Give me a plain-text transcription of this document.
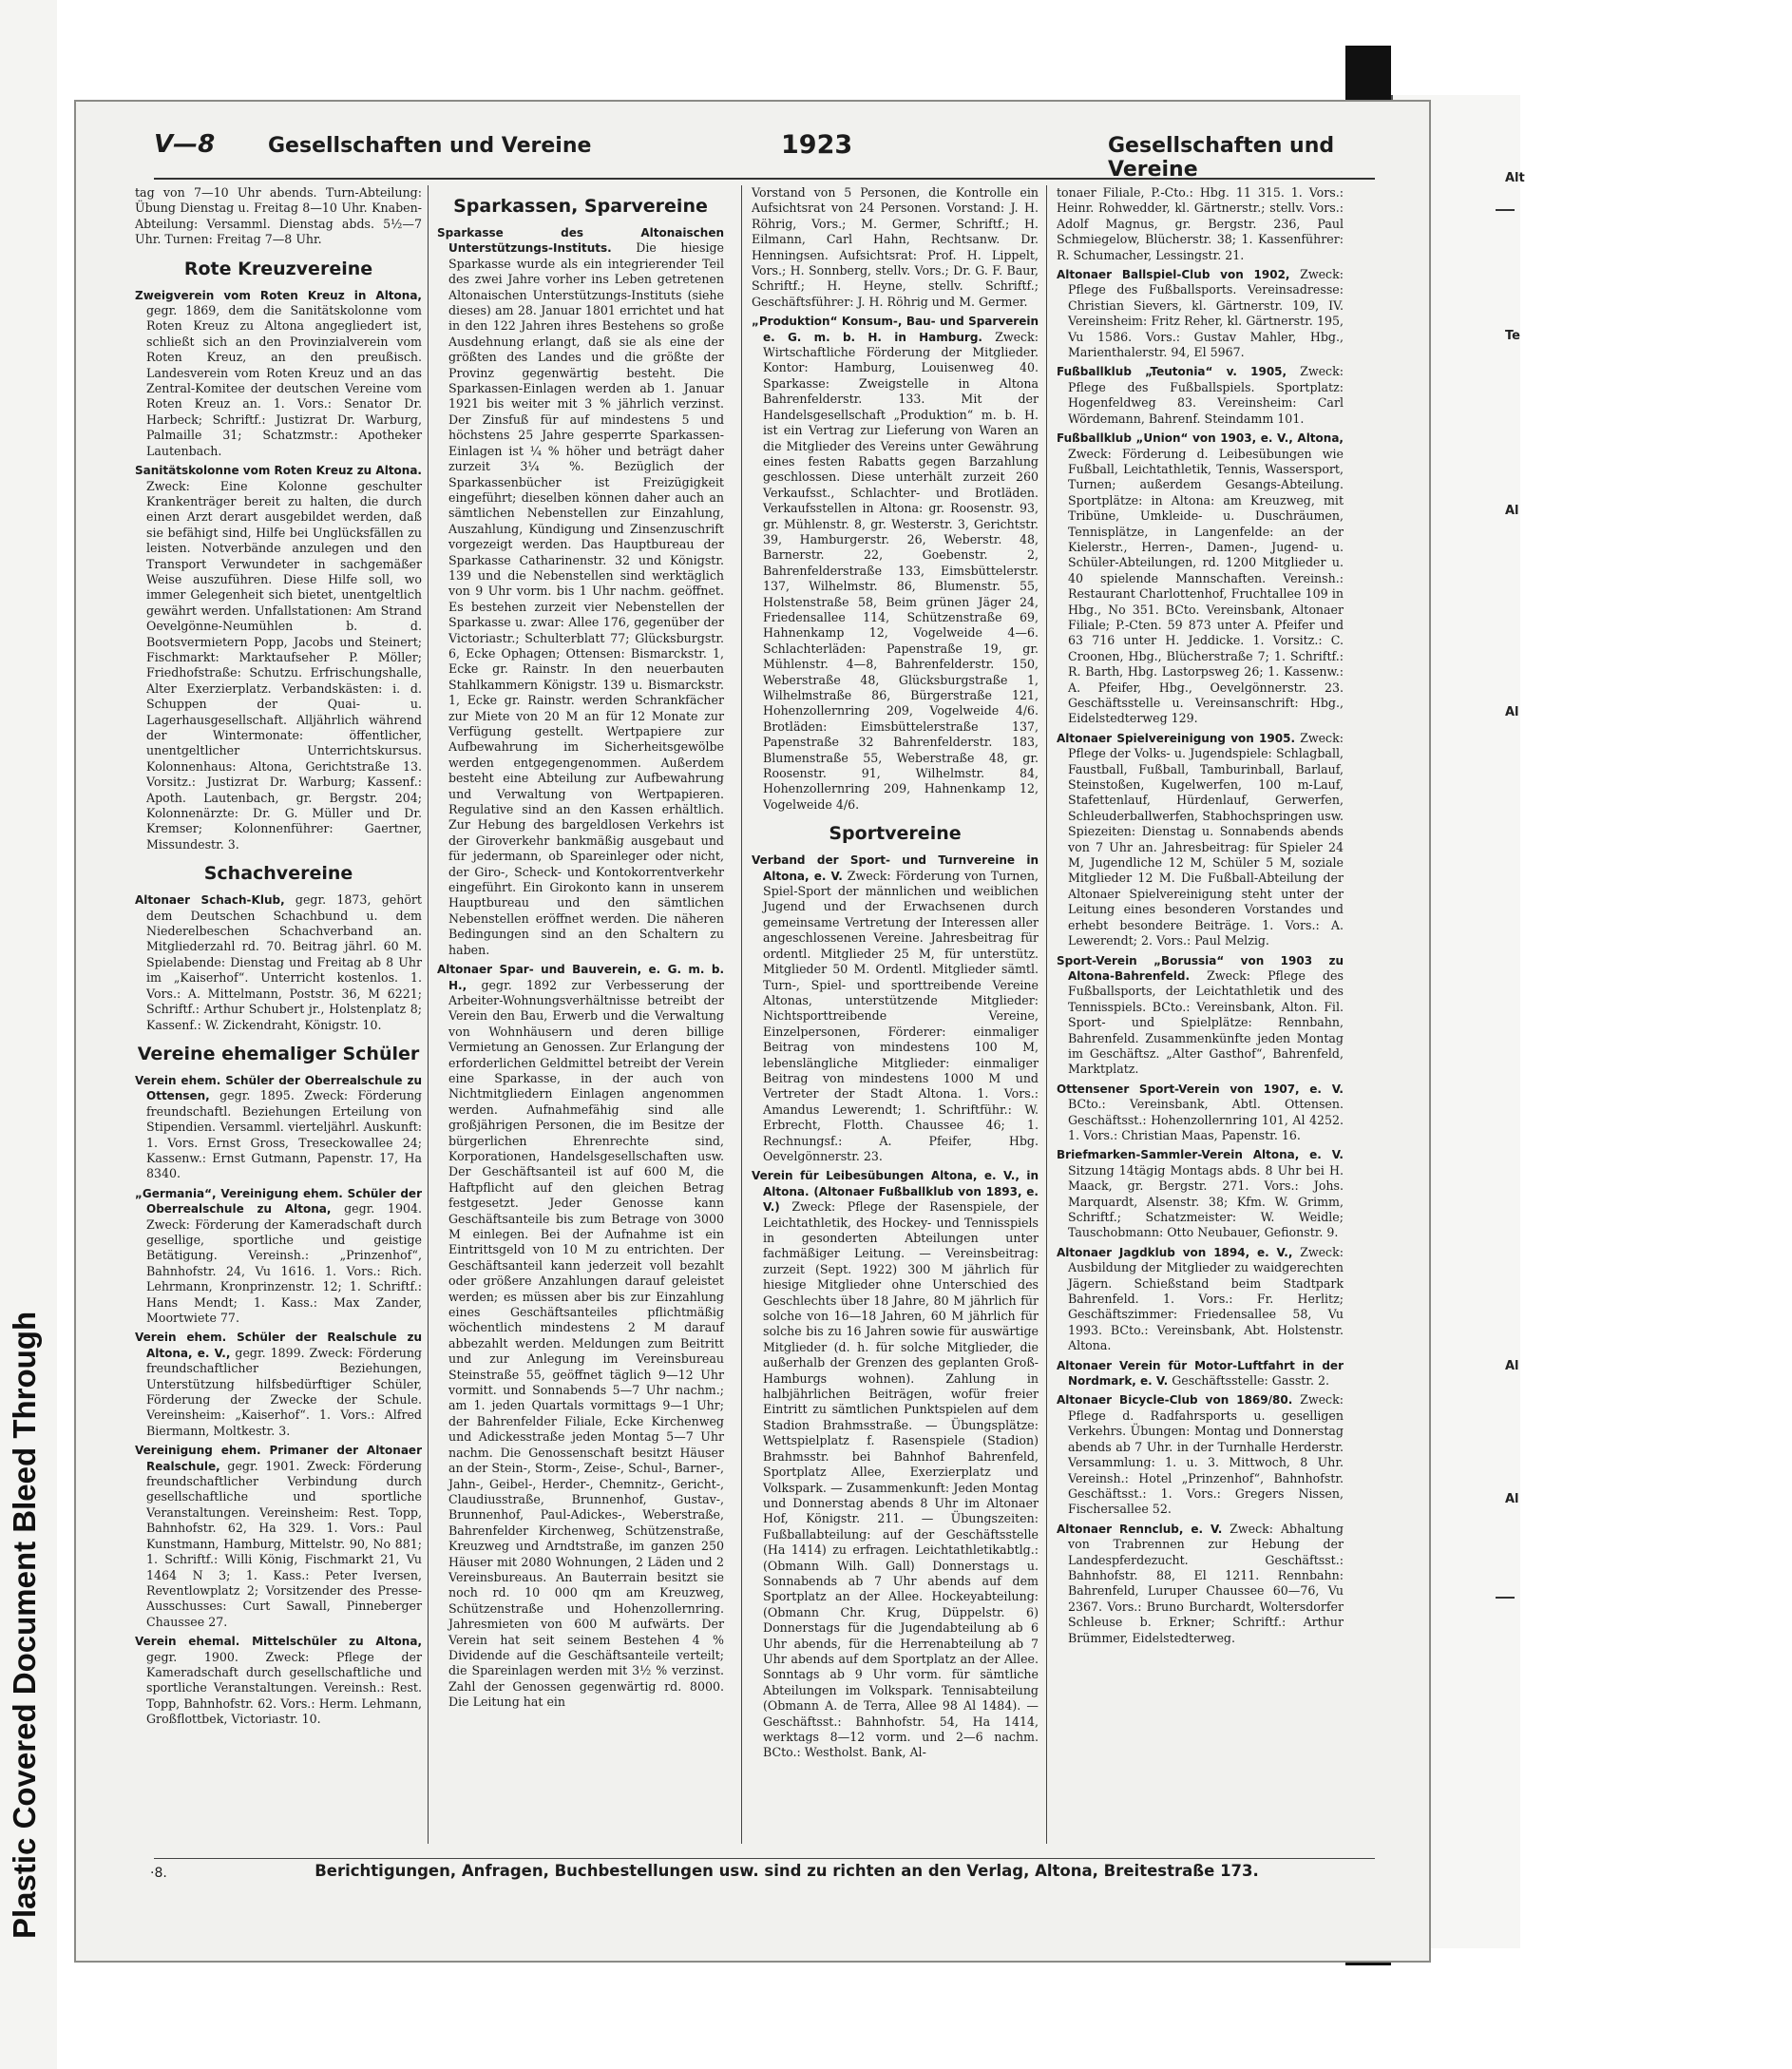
Alt
Te
Al
Al
Al
Al
V—8	Gesellschaften und Vereine	1923	Gesellschaften und Vereine

tag von 7—10 Uhr abends. Turn-Abteilung: Übung Dienstag u. Freitag 8—10 Uhr. Knaben-Abteilung: Versamml. Dienstag abds. 5½—7 Uhr. Turnen: Freitag 7—8 Uhr.

Rote Kreuzvereine

Zweigverein vom Roten Kreuz in Altona, gegr. 1869, dem die Sanitätskolonne vom Roten Kreuz zu Altona angegliedert ist, schließt sich an den Provinzialverein vom Roten Kreuz, an den preußisch. Landesverein vom Roten Kreuz und an das Zentral-Komitee der deutschen Vereine vom Roten Kreuz an. 1. Vors.: Senator Dr. Harbeck; Schriftf.: Justizrat Dr. Warburg, Palmaille 31; Schatzmstr.: Apotheker Lautenbach.

Sanitätskolonne vom Roten Kreuz zu Altona. Zweck: Eine Kolonne geschulter Krankenträger bereit zu halten, die durch einen Arzt derart ausgebildet werden, daß sie befähigt sind, Hilfe bei Unglücksfällen zu leisten. Notverbände anzulegen und den Transport Verwundeter in sachgemäßer Weise auszuführen. Diese Hilfe soll, wo immer Gelegenheit sich bietet, unentgeltlich gewährt werden. Unfallstationen: Am Strand Oevelgönne-Neumühlen b. d. Bootsvermietern Popp, Jacobs und Steinert; Fischmarkt: Marktaufseher P. Möller; Friedhofstraße: Schutzu. Erfrischungshalle, Alter Exerzierplatz. Verbandskästen: i. d. Schuppen der Quai- u. Lagerhausgesellschaft. Alljährlich während der Wintermonate: öffentlicher, unentgeltlicher Unterrichtskursus. Kolonnenhaus: Altona, Gerichtstraße 13. Vorsitz.: Justizrat Dr. Warburg; Kassenf.: Apoth. Lautenbach, gr. Bergstr. 204; Kolonnenärzte: Dr. G. Müller und Dr. Kremser; Kolonnenführer: Gaertner, Missundestr. 3.

Schachvereine

Altonaer Schach-Klub, gegr. 1873, gehört dem Deutschen Schachbund u. dem Niederelbeschen Schachverband an. Mitgliederzahl rd. 70. Beitrag jährl. 60 M. Spielabende: Dienstag und Freitag ab 8 Uhr im „Kaiserhof“. Unterricht kostenlos. 1. Vors.: A. Mittelmann, Poststr. 36, M 6221; Schriftf.: Arthur Schubert jr., Holstenplatz 8; Kassenf.: W. Zickendraht, Königstr. 10.

Vereine ehemaliger Schüler

Verein ehem. Schüler der Oberrealschule zu Ottensen, gegr. 1895. Zweck: Förderung freundschaftl. Beziehungen Erteilung von Stipendien. Versamml. vierteljährl. Auskunft: 1. Vors. Ernst Gross, Treseckowallee 24; Kassenw.: Ernst Gutmann, Papenstr. 17, Ha 8340.

„Germania“, Vereinigung ehem. Schüler der Oberrealschule zu Altona, gegr. 1904. Zweck: Förderung der Kameradschaft durch gesellige, sportliche und geistige Betätigung. Vereinsh.: „Prinzenhof“, Bahnhofstr. 24, Vu 1616. 1. Vors.: Rich. Lehrmann, Kronprinzenstr. 12; 1. Schriftf.: Hans Mendt; 1. Kass.: Max Zander, Moortwiete 77.

Verein ehem. Schüler der Realschule zu Altona, e. V., gegr. 1899. Zweck: Förderung freundschaftlicher Beziehungen, Unterstützung hilfsbedürftiger Schüler, Förderung der Zwecke der Schule. Vereinsheim: „Kaiserhof“. 1. Vors.: Alfred Biermann, Moltkestr. 3.

Vereinigung ehem. Primaner der Altonaer Realschule, gegr. 1901. Zweck: Förderung freundschaftlicher Verbindung durch gesellschaftliche und sportliche Veranstaltungen. Vereinsheim: Rest. Topp, Bahnhofstr. 62, Ha 329. 1. Vors.: Paul Kunstmann, Hamburg, Mittelstr. 90, No 881; 1. Schriftf.: Willi König, Fischmarkt 21, Vu 1464 N 3; 1. Kass.: Peter Iversen, Reventlowplatz 2; Vorsitzender des Presse-Ausschusses: Curt Sawall, Pinneberger Chaussee 27.

Verein ehemal. Mittelschüler zu Altona, gegr. 1900. Zweck: Pflege der Kameradschaft durch gesellschaftliche und sportliche Veranstaltungen. Vereinsh.: Rest. Topp, Bahnhofstr. 62. Vors.: Herm. Lehmann, Großflottbek, Victoriastr. 10.

Sparkassen, Sparvereine

Sparkasse des Altonaischen Unterstützungs-Instituts. Die hiesige Sparkasse wurde als ein integrierender Teil des zwei Jahre vorher ins Leben getretenen Altonaischen Unterstützungs-Instituts (siehe dieses) am 28. Januar 1801 errichtet und hat in den 122 Jahren ihres Bestehens so große Ausdehnung erlangt, daß sie als eine der größten des Landes und die größte der Provinz gegenwärtig besteht. Die Sparkassen-Einlagen werden ab 1. Januar 1921 bis weiter mit 3 % jährlich verzinst. Der Zinsfuß für auf mindestens 5 und höchstens 25 Jahre gesperrte Sparkassen-Einlagen ist ¼ % höher und beträgt daher zurzeit 3¼ %. Bezüglich der Sparkassenbücher ist Freizügigkeit eingeführt; dieselben können daher auch an sämtlichen Nebenstellen zur Einzahlung, Auszahlung, Kündigung und Zinsenzuschrift vorgezeigt werden. Das Hauptbureau der Sparkasse Catharinenstr. 32 und Königstr. 139 und die Nebenstellen sind werktäglich von 9 Uhr vorm. bis 1 Uhr nachm. geöffnet. Es bestehen zurzeit vier Nebenstellen der Sparkasse u. zwar: Allee 176, gegenüber der Victoriastr.; Schulterblatt 77; Glücksburgstr. 6, Ecke Ophagen; Ottensen: Bismarckstr. 1, Ecke gr. Rainstr. In den neuerbauten Stahlkammern Königstr. 139 u. Bismarckstr. 1, Ecke gr. Rainstr. werden Schrankfächer zur Miete von 20 M an für 12 Monate zur Verfügung gestellt. Wertpapiere zur Aufbewahrung im Sicherheitsgewölbe werden entgegengenommen. Außerdem besteht eine Abteilung zur Aufbewahrung und Verwaltung von Wertpapieren. Regulative sind an den Kassen erhältlich. Zur Hebung des bargeldlosen Verkehrs ist der Giroverkehr bankmäßig ausgebaut und für jedermann, ob Spareinleger oder nicht, der Giro-, Scheck- und Kontokorrentverkehr eingeführt. Ein Girokonto kann in unserem Hauptbureau und den sämtlichen Nebenstellen eröffnet werden. Die näheren Bedingungen sind an den Schaltern zu haben.

Altonaer Spar- und Bauverein, e. G. m. b. H., gegr. 1892 zur Verbesserung der Arbeiter-Wohnungsverhältnisse betreibt der Verein den Bau, Erwerb und die Verwaltung von Wohnhäusern und deren billige Vermietung an Genossen. Zur Erlangung der erforderlichen Geldmittel betreibt der Verein eine Sparkasse, in der auch von Nichtmitgliedern Einlagen angenommen werden. Aufnahmefähig sind alle großjährigen Personen, die im Besitze der bürgerlichen Ehrenrechte sind, Korporationen, Handelsgesellschaften usw. Der Geschäftsanteil ist auf 600 M, die Haftpflicht auf den gleichen Betrag festgesetzt. Jeder Genosse kann Geschäftsanteile bis zum Betrage von 3000 M einlegen. Bei der Aufnahme ist ein Eintrittsgeld von 10 M zu entrichten. Der Geschäftsanteil kann jederzeit voll bezahlt oder größere Anzahlungen darauf geleistet werden; es müssen aber bis zur Einzahlung eines Geschäftsanteiles pflichtmäßig wöchentlich mindestens 2 M darauf abbezahlt werden. Meldungen zum Beitritt und zur Anlegung im Vereinsbureau Steinstraße 55, geöffnet täglich 9—12 Uhr vormitt. und Sonnabends 5—7 Uhr nachm.; am 1. jeden Quartals vormittags 9—1 Uhr; der Bahrenfelder Filiale, Ecke Kirchenweg und Adickesstraße jeden Montag 5—7 Uhr nachm. Die Genossenschaft besitzt Häuser an der Stein-, Storm-, Zeise-, Schul-, Barner-, Jahn-, Geibel-, Herder-, Chemnitz-, Gericht-, Claudiusstraße, Brunnenhof, Gustav-, Brunnenhof, Paul-Adickes-, Weberstraße, Bahrenfelder Kirchenweg, Schützenstraße, Kreuzweg und Arndtstraße, im ganzen 250 Häuser mit 2080 Wohnungen, 2 Läden und 2 Vereinsbureaus. An Bauterrain besitzt sie noch rd. 10 000 qm am Kreuzweg, Schützenstraße und Hohenzollernring. Jahresmieten von 600 M aufwärts. Der Verein hat seit seinem Bestehen 4 % Dividende auf die Geschäftsanteile verteilt; die Spareinlagen werden mit 3½ % verzinst. Zahl der Genossen gegenwärtig rd. 8000. Die Leitung hat ein

Vorstand von 5 Personen, die Kontrolle ein Aufsichtsrat von 24 Personen. Vorstand: J. H. Röhrig, Vors.; M. Germer, Schriftf.; H. Eilmann, Carl Hahn, Rechtsanw. Dr. Henningsen. Aufsichtsrat: Prof. H. Lippelt, Vors.; H. Sonnberg, stellv. Vors.; Dr. G. F. Baur, Schriftf.; H. Heyne, stellv. Schriftf.; Geschäftsführer: J. H. Röhrig und M. Germer.

„Produktion“ Konsum-, Bau- und Sparverein e. G. m. b. H. in Hamburg. Zweck: Wirtschaftliche Förderung der Mitglieder. Kontor: Hamburg, Louisenweg 40. Sparkasse: Zweigstelle in Altona Bahrenfelderstr. 133. Mit der Handelsgesellschaft „Produktion“ m. b. H. ist ein Vertrag zur Lieferung von Waren an die Mitglieder des Vereins unter Gewährung eines festen Rabatts gegen Barzahlung geschlossen. Diese unterhält zurzeit 260 Verkaufsst., Schlachter- und Brotläden. Verkaufsstellen in Altona: gr. Roosenstr. 93, gr. Mühlenstr. 8, gr. Westerstr. 3, Gerichtstr. 39, Hamburgerstr. 26, Weberstr. 48, Barnerstr. 22, Goebenstr. 2, Bahrenfelderstraße 133, Eimsbüttelerstr. 137, Wilhelmstr. 86, Blumenstr. 55, Holstenstraße 58, Beim grünen Jäger 24, Friedensallee 114, Schützenstraße 69, Hahnenkamp 12, Vogelweide 4—6. Schlachterläden: Papenstraße 19, gr. Mühlenstr. 4—8, Bahrenfelderstr. 150, Weberstraße 48, Glücksburgstraße 1, Wilhelmstraße 86, Bürgerstraße 121, Hohenzollernring 209, Vogelweide 4/6. Brotläden: Eimsbüttelerstraße 137, Papenstraße 32 Bahrenfelderstr. 183, Blumenstraße 55, Weberstraße 48, gr. Roosenstr. 91, Wilhelmstr. 84, Hohenzollernring 209, Hahnenkamp 12, Vogelweide 4/6.

Sportvereine

Verband der Sport- und Turnvereine in Altona, e. V. Zweck: Förderung von Turnen, Spiel-Sport der männlichen und weiblichen Jugend und der Erwachsenen durch gemeinsame Vertretung der Interessen aller angeschlossenen Vereine. Jahresbeitrag für ordentl. Mitglieder 25 M, für unterstütz. Mitglieder 50 M. Ordentl. Mitglieder sämtl. Turn-, Spiel- und sporttreibende Vereine Altonas, unterstützende Mitglieder: Nichtsporttreibende Vereine, Einzelpersonen, Förderer: einmaliger Beitrag von mindestens 100 M, lebenslängliche Mitglieder: einmaliger Beitrag von mindestens 1000 M und Vertreter der Stadt Altona. 1. Vors.: Amandus Lewerendt; 1. Schriftführ.: W. Erbrecht, Flotth. Chaussee 46; 1. Rechnungsf.: A. Pfeifer, Hbg. Oevelgönnerstr. 23.

Verein für Leibesübungen Altona, e. V., in Altona. (Altonaer Fußballklub von 1893, e. V.) Zweck: Pflege der Rasenspiele, der Leichtathletik, des Hockey- und Tennisspiels in gesonderten Abteilungen unter fachmäßiger Leitung. — Vereinsbeitrag: zurzeit (Sept. 1922) 300 M jährlich für hiesige Mitglieder ohne Unterschied des Geschlechts über 18 Jahre, 80 M jährlich für solche von 16—18 Jahren, 60 M jährlich für solche bis zu 16 Jahren sowie für auswärtige Mitglieder (d. h. für solche Mitglieder, die außerhalb der Grenzen des geplanten Groß-Hamburgs wohnen). Zahlung in halbjährlichen Beiträgen, wofür freier Eintritt zu sämtlichen Punktspielen auf dem Stadion Brahmsstraße. — Übungsplätze: Wettspielplatz f. Rasenspiele (Stadion) Brahmsstr. bei Bahnhof Bahrenfeld, Sportplatz Allee, Exerzierplatz und Volkspark. — Zusammenkunft: Jeden Montag und Donnerstag abends 8 Uhr im Altonaer Hof, Königstr. 211. — Übungszeiten: Fußballabteilung: auf der Geschäftsstelle (Ha 1414) zu erfragen. Leichtathletikabtlg.: (Obmann Wilh. Gall) Donnerstags u. Sonnabends ab 7 Uhr abends auf dem Sportplatz an der Allee. Hockeyabteilung: (Obmann Chr. Krug, Düppelstr. 6) Donnerstags für die Jugendabteilung ab 6 Uhr abends, für die Herrenabteilung ab 7 Uhr abends auf dem Sportplatz an der Allee. Sonntags ab 9 Uhr vorm. für sämtliche Abteilungen im Volkspark. Tennisabteilung (Obmann A. de Terra, Allee 98 Al 1484). — Geschäftsst.: Bahnhofstr. 54, Ha 1414, werktags 8—12 vorm. und 2—6 nachm. BCto.: Westholst. Bank, Al-

tonaer Filiale, P.-Cto.: Hbg. 11 315. 1. Vors.: Heinr. Rohwedder, kl. Gärtnerstr.; stellv. Vors.: Adolf Magnus, gr. Bergstr. 236, Paul Schmiegelow, Blücherstr. 38; 1. Kassenführer: R. Schumacher, Lessingstr. 21.

Altonaer Ballspiel-Club von 1902, Zweck: Pflege des Fußballsports. Vereinsadresse: Christian Sievers, kl. Gärtnerstr. 109, IV. Vereinsheim: Fritz Reher, kl. Gärtnerstr. 195, Vu 1586. Vors.: Gustav Mahler, Hbg., Marienthalerstr. 94, El 5967.

Fußballklub „Teutonia“ v. 1905, Zweck: Pflege des Fußballspiels. Sportplatz: Hogenfeldweg 83. Vereinsheim: Carl Wördemann, Bahrenf. Steindamm 101.

Fußballklub „Union“ von 1903, e. V., Altona, Zweck: Förderung d. Leibesübungen wie Fußball, Leichtathletik, Tennis, Wassersport, Turnen; außerdem Gesangs-Abteilung. Sportplätze: in Altona: am Kreuzweg, mit Tribüne, Umkleide- u. Duschräumen, Tennisplätze, in Langenfelde: an der Kielerstr., Herren-, Damen-, Jugend- u. Schüler-Abteilungen, rd. 1200 Mitglieder u. 40 spielende Mannschaften. Vereinsh.: Restaurant Charlottenhof, Fruchtallee 109 in Hbg., No 351. BCto. Vereinsbank, Altonaer Filiale; P.-Cten. 59 873 unter A. Pfeifer und 63 716 unter H. Jeddicke. 1. Vorsitz.: C. Croonen, Hbg., Blücherstraße 7; 1. Schriftf.: R. Barth, Hbg. Lastorpsweg 26; 1. Kassenw.: A. Pfeifer, Hbg., Oevelgönnerstr. 23. Geschäftsstelle u. Vereinsanschrift: Hbg., Eidelstedterweg 129.

Altonaer Spielvereinigung von 1905. Zweck: Pflege der Volks- u. Jugendspiele: Schlagball, Faustball, Fußball, Tamburinball, Barlauf, Steinstoßen, Kugelwerfen, 100 m-Lauf, Stafettenlauf, Hürdenlauf, Gerwerfen, Schleuderballwerfen, Stabhochspringen usw. Spiezeiten: Dienstag u. Sonnabends abends von 7 Uhr an. Jahresbeitrag: für Spieler 24 M, Jugendliche 12 M, Schüler 5 M, soziale Mitglieder 12 M. Die Fußball-Abteilung der Altonaer Spielvereinigung steht unter der Leitung eines besonderen Vorstandes und erhebt besondere Beiträge. 1. Vors.: A. Lewerendt; 2. Vors.: Paul Melzig.

Sport-Verein „Borussia“ von 1903 zu Altona-Bahrenfeld. Zweck: Pflege des Fußballsports, der Leichtathletik und des Tennisspiels. BCto.: Vereinsbank, Alton. Fil. Sport- und Spielplätze: Rennbahn, Bahrenfeld. Zusammenkünfte jeden Montag im Geschäftsz. „Alter Gasthof“, Bahrenfeld, Marktplatz.

Ottensener Sport-Verein von 1907, e. V. BCto.: Vereinsbank, Abtl. Ottensen. Geschäftsst.: Hohenzollernring 101, Al 4252. 1. Vors.: Christian Maas, Papenstr. 16.

Briefmarken-Sammler-Verein Altona, e. V. Sitzung 14tägig Montags abds. 8 Uhr bei H. Maack, gr. Bergstr. 271. Vors.: Johs. Marquardt, Alsenstr. 38; Kfm. W. Grimm, Schriftf.; Schatzmeister: W. Weidle; Tauschobmann: Otto Neubauer, Gefionstr. 9.

Altonaer Jagdklub von 1894, e. V., Zweck: Ausbildung der Mitglieder zu waidgerechten Jägern. Schießstand beim Stadtpark Bahrenfeld. 1. Vors.: Fr. Herlitz; Geschäftszimmer: Friedensallee 58, Vu 1993. BCto.: Vereinsbank, Abt. Holstenstr. Altona.

Altonaer Verein für Motor-Luftfahrt in der Nordmark, e. V. Geschäftsstelle: Gasstr. 2.

Altonaer Bicycle-Club von 1869/80. Zweck: Pflege d. Radfahrsports u. geselligen Verkehrs. Übungen: Montag und Donnerstag abends ab 7 Uhr. in der Turnhalle Herderstr. Versammlung: 1. u. 3. Mittwoch, 8 Uhr. Vereinsh.: Hotel „Prinzenhof“, Bahnhofstr. Geschäftsst.: 1. Vors.: Gregers Nissen, Fischersallee 52.

Altonaer Rennclub, e. V. Zweck: Abhaltung von Trabrennen zur Hebung der Landespferdezucht. Geschäftsst.: Bahnhofstr. 88, El 1211. Rennbahn: Bahrenfeld, Luruper Chaussee 60—76, Vu 2367. Vors.: Bruno Burchardt, Woltersdorfer Schleuse b. Erkner; Schriftf.: Arthur Brümmer, Eidelstedterweg.

·8.	Berichtigungen, Anfragen, Buchbestellungen usw. sind zu richten an den Verlag, Altona, Breitestraße 173.
